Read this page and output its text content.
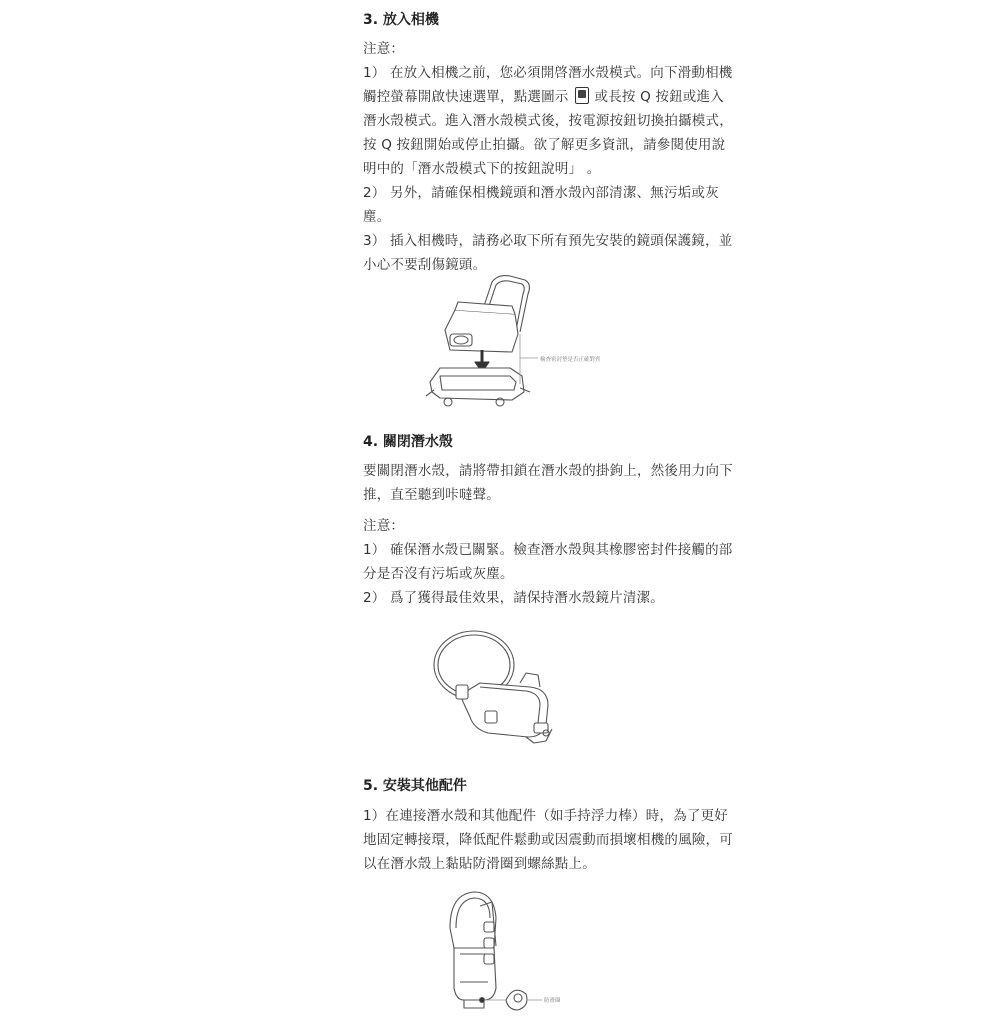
3. 放入相機
注意：
1） 在放入相機之前，您必須開啓潛水殼模式。向下滑動相機
觸控螢幕開啟快速選單，點選圖示 或長按 Q 按鈕或進入
潛水殼模式。進入潛水殼模式後，按電源按鈕切換拍攝模式，
按 Q 按鈕開始或停止拍攝。欲了解更多資訊，請參閱使用說
明中的「潛水殼模式下的按鈕說明」 。
2） 另外，請確保相機鏡頭和潛水殼內部清潔、無污垢或灰
塵。
3） 插入相機時，請務必取下所有預先安裝的鏡頭保護鏡，並
小心不要刮傷鏡頭。
檢查密封墊是否正確對齊
4. 關閉潛水殼
要關閉潛水殼，請將帶扣鎖在潛水殼的掛鉤上，然後用力向下
推，直至聽到咔噠聲。
注意：
1） 確保潛水殼已關緊。檢查潛水殼與其橡膠密封件接觸的部
分是否沒有污垢或灰塵。
2） 爲了獲得最佳效果，請保持潛水殼鏡片清潔。
5. 安裝其他配件
1）在連接潛水殼和其他配件（如手持浮力棒）時，為了更好
地固定轉接環，降低配件鬆動或因震動而損壞相機的風險，可
以在潛水殼上黏貼防滑圈到螺絲點上。
防滑圈
